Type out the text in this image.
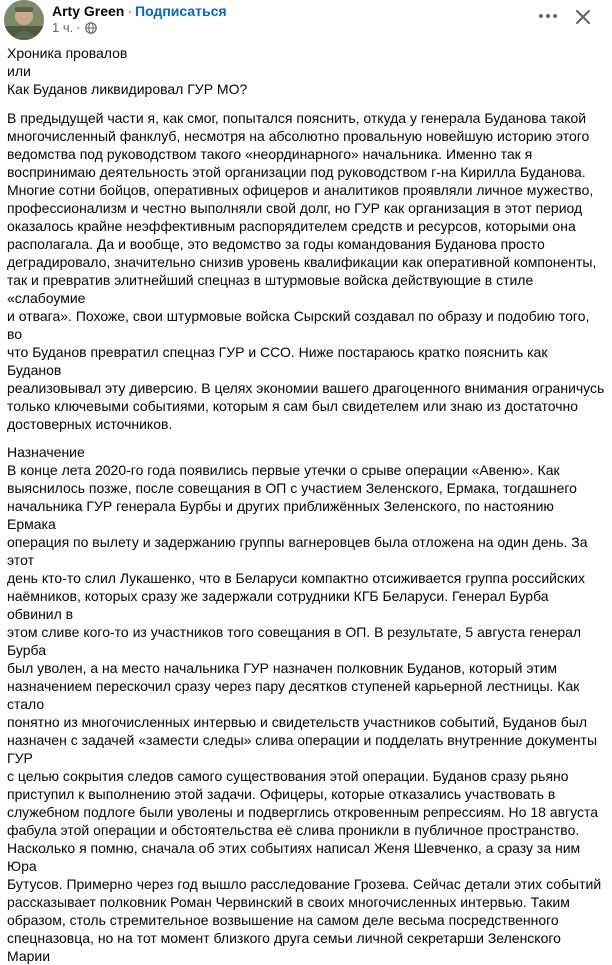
Arty Green · Подписаться
1 ч. ·

Хроника провалов
или
Как Буданов ликвидировал ГУР МО?

В предыдущей части я, как смог, попытался пояснить, откуда у генерала Буданова такой
многочисленный фанклуб, несмотря на абсолютно провальную новейшую историю этого
ведомства под руководством такого «неординарного» начальника. Именно так я
воспринимаю деятельность этой организации под руководством г-на Кирилла Буданова.
Многие сотни бойцов, оперативных офицеров и аналитиков проявляли личное мужество,
профессионализм и честно выполняли свой долг, но ГУР как организация в этот период
оказалось крайне неэффективным распорядителем средств и ресурсов, которыми она
располагала. Да и вообще, это ведомство за годы командования Буданова просто
деградировало, значительно снизив уровень квалификации как оперативной компоненты,
так и превратив элитнейший спецназ в штурмовые войска действующие в стиле «слабоумие
и отвага». Похоже, свои штурмовые войска Сырский создавал по образу и подобию того, во
что Буданов превратил спецназ ГУР и ССО. Ниже постараюсь кратко пояснить как Буданов
реализовывал эту диверсию. В целях экономии вашего драгоценного внимания ограничусь
только ключевыми событиями, которым я сам был свидетелем или знаю из достаточно
достоверных источников.

Назначение

В конце лета 2020-го года появились первые утечки о срыве операции «Авеню». Как
выяснилось позже, после совещания в ОП с участием Зеленского, Ермака, тогдашнего
начальника ГУР генерала Бурбы и других приближённых Зеленского, по настоянию Ермака
операция по вылету и задержанию группы вагнеровцев была отложена на один день. За этот
день кто-то слил Лукашенко, что в Беларуси компактно отсиживается группа российских
наёмников, которых сразу же задержали сотрудники КГБ Беларуси. Генерал Бурба обвинил в
этом сливе кого-то из участников того совещания в ОП. В результате, 5 августа генерал Бурба
был уволен, а на место начальника ГУР назначен полковник Буданов, который этим
назначением перескочил сразу через пару десятков ступеней карьерной лестницы. Как стало
понятно из многочисленных интервью и свидетельств участников событий, Буданов был
назначен с задачей «замести следы» слива операции и подделать внутренние документы ГУР
с целью сокрытия следов самого существования этой операции. Буданов сразу рьяно
приступил к выполнению этой задачи. Офицеры, которые отказались участвовать в
служебном подлоге были уволены и подверглись откровенным репрессиям. Но 18 августа
фабула этой операции и обстоятельства её слива проникли в публичное пространство.
Насколько я помню, сначала об этих событиях написал Женя Шевченко, а сразу за ним Юра
Бутусов. Примерно через год вышло расследование Грозева. Сейчас детали этих событий
рассказывает полковник Роман Червинский в своих многочисленных интервью. Таким
образом, столь стремительное возвышение на самом деле весьма посредственного
спецназовца, но на тот момент близкого друга семьи личной секретарши Зеленского Марии
